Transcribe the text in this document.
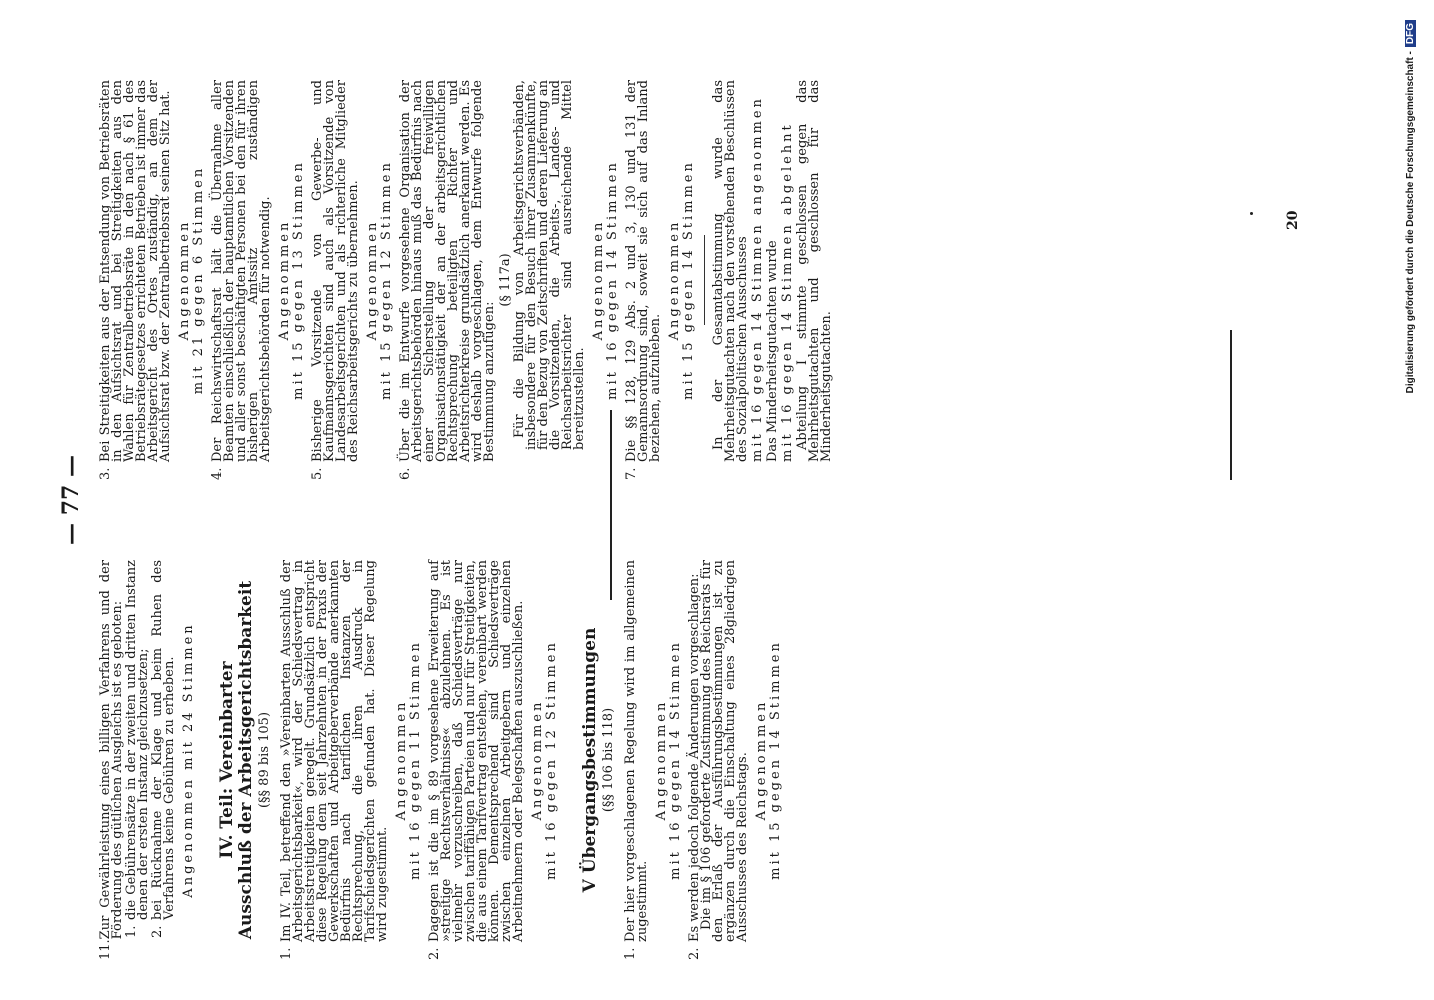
— 77 —

11.
Zur Gewährleistung eines billigen Verfahrens und der Förderung des gütlichen Ausgleichs ist es geboten: 1.
die Gebührensätze in der zweiten und dritten Instanz denen der ersten Instanz gleichzusetzen;
2.
bei Rücknahme der Klage und beim Ruhen des Verfahrens keine Gebühren zu erheben. Angenommen mit 24 Stimmen IV. Teil: Vereinbarter Ausschluß der Arbeitsgerichtsbarkeit (§§ 89 bis 105)

1.
Im IV. Teil, betreffend den »Vereinbarten Ausschluß der Arbeitsgerichtsbarkeit«, wird der Schiedsvertrag in Arbeitsstreitigkeiten geregelt. Grundsätzlich entspricht diese Regelung dem seit Jahrzehnten in der Praxis der Gewerkschaften und Arbeitgeberverbände anerkannten Bedürfnis nach tariflichen Instanzen der Rechtsprechung, die ihren Ausdruck in Tarifschiedsgerichten gefunden hat. Dieser Regelung wird zugestimmt.

Angenommen mit 16 gegen 11 Stimmen

2.
Dagegen ist die im § 89 vorgesehene Erweiterung auf »streitige Rechtsverhältnisse« abzulehnen. Es ist vielmehr vorzuschreiben, daß Schiedsverträge nur zwischen tariffähigen Parteien und nur für Streitigkeiten, die aus einem Tarifvertrag entstehen, vereinbart werden können. Dementsprechend sind Schiedsverträge zwischen einzelnen Arbeitgebern und einzelnen Arbeitnehmern oder Belegschaften auszuschließen. Angenommen mit 16 gegen 12 Stimmen V Übergangsbestimmungen (§§ 106 bis 118)

1.
Der hier vorgeschlagenen Regelung wird im allgemeinen zugestimmt.

Angenommen mit 16 gegen 14 Stimmen

2.
Es werden jedoch folgende Änderungen vorgeschlagen:

Die im § 106 geforderte Zustimmung des Reichsrats für den Erlaß der Ausführungsbestimmungen ist zu ergänzen durch die Einschaltung eines 28gliedrigen Ausschusses des Reichstags. Angenommen mit 15 gegen 14 Stimmen

3.
Bei Streitigkeiten aus der Entsendung von Betriebsräten in den Aufsichtsrat und bei Streitigkeiten aus den Wahlen für Zentralbetriebsräte in den nach § 61 des Betriebsrätegesetzes errichteten Betrieben ist immer das Arbeitsgericht des Ortes zuständig, an dem der Aufsichtsrat bzw. der Zentralbetriebsrat seinen Sitz hat. Angenommen mit 21 gegen 6 Stimmen

4.
Der Reichswirtschaftsrat hält die Übernahme aller Beamten einschließlich der hauptamtlichen Vorsitzenden und aller sonst beschäftigten Personen bei den für ihren bisherigen Amtssitz zuständigen Arbeitsgerichtsbehörden für notwendig. Angenommen mit 15 gegen 13 Stimmen

5.
Bisherige Vorsitzende von Gewerbe- und Kaufmannsgerichten sind auch als Vorsitzende von Landesarbeitsgerichten und als richterliche Mitglieder des Reichsarbeitsgerichts zu übernehmen. Angenommen mit 15 gegen 12 Stimmen

6.
Über die im Entwurfe vorgesehene Organisation der Arbeitsgerichtsbehörden hinaus muß das Bedürfnis nach einer Sicherstellung der freiwilligen Organisationstätigkeit der an der arbeitsgerichtlichen Rechtsprechung beteiligten Richter und Arbeitsrichterkreise grundsätzlich anerkannt werden. Es wird deshalb vorgeschlagen, dem Entwurfe folgende Bestimmung anzufügen:

(§ 117a) Für die Bildung von Arbeitsgerichtsverbänden, insbesondere für den Besuch ihrer Zusammenkünfte, für den Bezug von Zeitschriften und deren Lieferung an die Vorsitzenden, die Arbeits-, Landes- und Reichsarbeitsrichter sind ausreichende Mittel bereitzustellen.

Angenommen mit 16 gegen 14 Stimmen

7.
Die §§ 128, 129 Abs. 2 und 3, 130 und 131 der Gemannsordnung sind, soweit sie sich auf das Inland beziehen, aufzuheben.

Angenommen mit 15 gegen 14 Stimmen In der Gesamtabstimmung wurde das Mehrheitsgutachten nach den vorstehenden Beschlüssen des Sozialpolitischen Ausschusses mit 16 gegen 14 Stimmen angenommen Das Minderheitsgutachten wurde mit 16 gegen 14 Stimmen abgelehnt Abteilung I stimmte geschlossen gegen das Mehrheitsgutachten und geschlossen für das Minderheitsgutachten.

20	Digitalisierung gefördert durch die Deutsche Forschungsgemeinschaft -DFG
